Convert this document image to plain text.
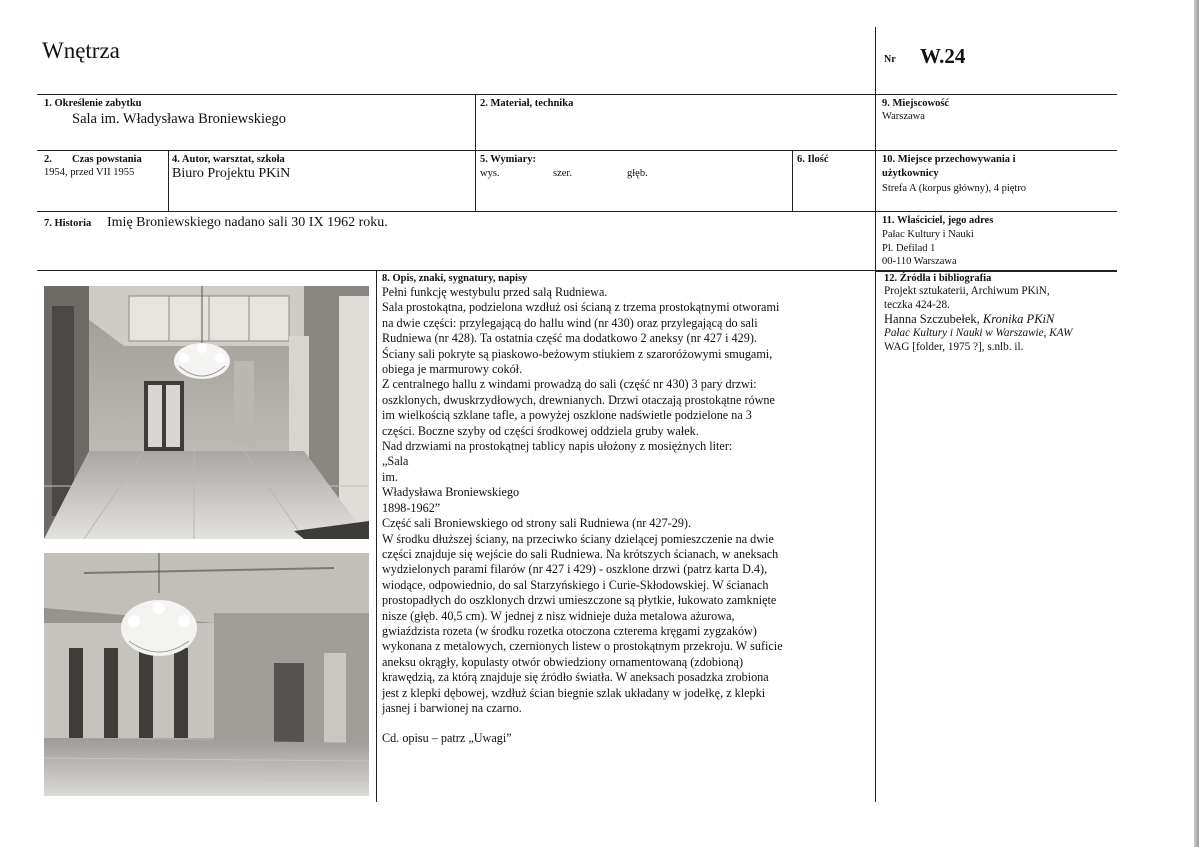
Wnętrza	Nr W.24
1. Określenie zabytku
Sala im. Władysława Broniewskiego
2. Materiał, technika	9. Miejscowość
Warszawa
2. Czas powstania
1954, przed VII 1955
4. Autor, warsztat, szkoła
Biuro Projektu PKiN
5. Wymiary:
wys.	szer.	głęb.
6. Ilość	10. Miejsce przechowywania i
użytkownicy
Strefa A (korpus główny), 4 piętro
7. Historia Imię Broniewskiego nadano sali 30 IX 1962 roku.	11. Właściciel, jego adres
Pałac Kultury i Nauki
Pl. Defilad 1
00-110 Warszawa
8. Opis, znaki, sygnatury, napisy
Pełni funkcję westybulu przed salą Rudniewa.
Sala prostokątna, podzielona wzdłuż osi ścianą z trzema prostokątnymi otworami
na dwie części: przylegającą do hallu wind (nr 430) oraz przylegającą do sali
Rudniewa (nr 428). Ta ostatnia część ma dodatkowo 2 aneksy (nr 427 i 429).
Ściany sali pokryte są piaskowo-beżowym stiukiem z szaroróżowymi smugami,
obiega je marmurowy cokół.
Z centralnego hallu z windami prowadzą do sali (część nr 430) 3 pary drzwi:
oszklonych, dwuskrzydłowych, drewnianych. Drzwi otaczają prostokątne równe
im wielkością szklane tafle, a powyżej oszklone nadświetle podzielone na 3
części. Boczne szyby od części środkowej oddziela gruby wałek.
Nad drzwiami na prostokątnej tablicy napis ułożony z mosiężnych liter:
„Sala
im.
Władysława Broniewskiego
1898-1962”
Część sali Broniewskiego od strony sali Rudniewa (nr 427-29).
W środku dłuższej ściany, na przeciwko ściany dzielącej pomieszczenie na dwie
części znajduje się wejście do sali Rudniewa. Na krótszych ścianach, w aneksach
wydzielonych parami filarów (nr 427 i 429) - oszklone drzwi (patrz karta D.4),
wiodące, odpowiednio, do sal Starzyńskiego i Curie-Skłodowskiej. W ścianach
prostopadłych do oszklonych drzwi umieszczone są płytkie, łukowato zamknięte
nisze (głęb. 40,5 cm). W jednej z nisz widnieje duża metalowa ażurowa,
gwiaździsta rozeta (w środku rozetka otoczona czterema kręgami zygzaków)
wykonana z metalowych, czernionych listew o prostokątnym przekroju. W suficie
aneksu okrągły, kopulasty otwór obwiedziony ornamentowaną (zdobioną)
krawędzią, za którą znajduje się źródło światła. W aneksach posadzka zrobiona
jest z klepki dębowej, wzdłuż ścian biegnie szlak układany w jodełkę, z klepki
jasnej i barwionej na czarno.
Cd. opisu – patrz „Uwagi”
12. Źródła i bibliografia
Projekt sztukaterii, Archiwum PKiN,
teczka 424-28.
Hanna Szczubełek, Kronika PKiN
Pałac Kultury i Nauki w Warszawie, KAW
WAG [folder, 1975 ?], s.nlb. il.
